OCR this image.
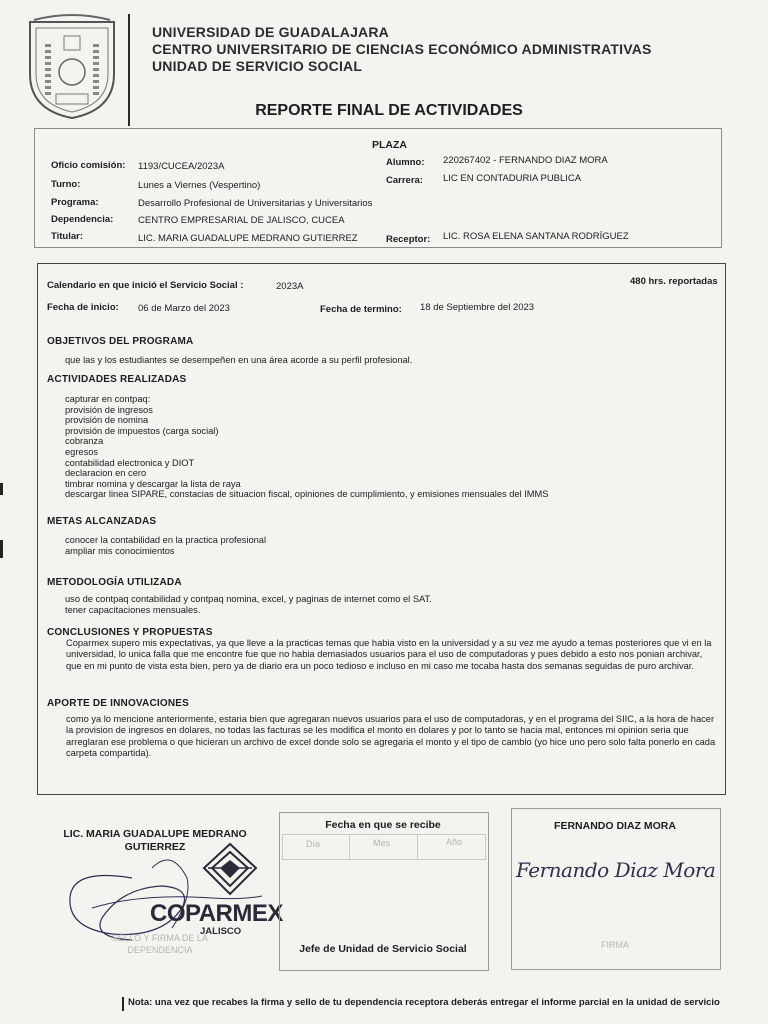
UNIVERSIDAD DE GUADALAJARA
CENTRO UNIVERSITARIO DE CIENCIAS ECONÓMICO ADMINISTRATIVAS
UNIDAD DE SERVICIO SOCIAL
REPORTE FINAL DE ACTIVIDADES
PLAZA
Oficio comisión: 1193/CUCEA/2023A
Turno:	Lunes a Viernes (Vespertino)
Programa:	Desarrollo Profesional de Universitarias y Universitarios
Dependencia:	CENTRO EMPRESARIAL DE JALISCO, CUCEA
Titular:	LIC. MARIA GUADALUPE MEDRANO GUTIERREZ
Alumno: 220267402 - FERNANDO DIAZ MORA
Carrera: LIC EN CONTADURIA PUBLICA
Receptor: LIC. ROSA ELENA SANTANA RODRÍGUEZ
Calendario en que inició el Servicio Social :	2023A	480 hrs. reportadas
Fecha de inicio: 06 de Marzo del 2023	Fecha de termino: 18 de Septiembre del 2023
OBJETIVOS DEL PROGRAMA
que las y los estudiantes se desempeñen en una área acorde a su perfil profesional.
ACTIVIDADES REALIZADAS
capturar en contpaq:
provisión de ingresos
provisión de nomina
provisión de impuestos (carga social)
cobranza
egresos
contabilidad electronica y DIOT
declaracion en cero
timbrar nomina y descargar la lista de raya
descargar linea SIPARE, constacias de situacion fiscal, opiniones de cumplimiento, y emisiones mensuales del IMMS
METAS ALCANZADAS
conocer la contabilidad en la practica profesional
ampliar mis conocimientos
METODOLOGÍA UTILIZADA
uso de contpaq contabilidad y contpaq nomina, excel, y paginas de internet como el SAT.
tener capacitaciones mensuales.
CONCLUSIONES Y PROPUESTAS
Coparmex supero mis expectativas, ya que lleve a la practicas temas que habia visto en la universidad y a su vez me ayudo a temas posteriores que vi en la universidad, lo unica falla que me encontre fue que no habia demasiados usuarios para el uso de computadoras y pues debido a esto nos ponian archivar, que en mi punto de vista esta bien, pero ya de diario era un poco tedioso e incluso en mi caso me tocaba hasta dos semanas seguidas de puro archivar.
APORTE DE INNOVACIONES
como ya lo mencione anteriormente, estaria bien que agregaran nuevos usuarios para el uso de computadoras, y en el programa del SIIC, a la hora de hacer la provision de ingresos en dolares, no todas las facturas se les modifica el monto en dolares y por lo tanto se hacia mal, entonces mi opinion seria que arreglaran ese problema o que hicieran un archivo de excel donde solo se agregaria el monto y el tipo de cambio (yo hice uno pero solo falta ponerlo en cada carpeta compartida).
LIC. MARIA GUADALUPE MEDRANO GUTIERREZ
COPARMEX
JALISCO
SELLO Y FIRMA DE LA DEPENDENCIA
Fecha en que se recibe
Día	Mes	Año
Jefe de Unidad de Servicio Social
FERNANDO DIAZ MORA
Fernando Diaz Mora
FIRMA
Nota: una vez que recabes la firma y sello de tu dependencia receptora deberás entregar el informe parcial en la unidad de servicio
